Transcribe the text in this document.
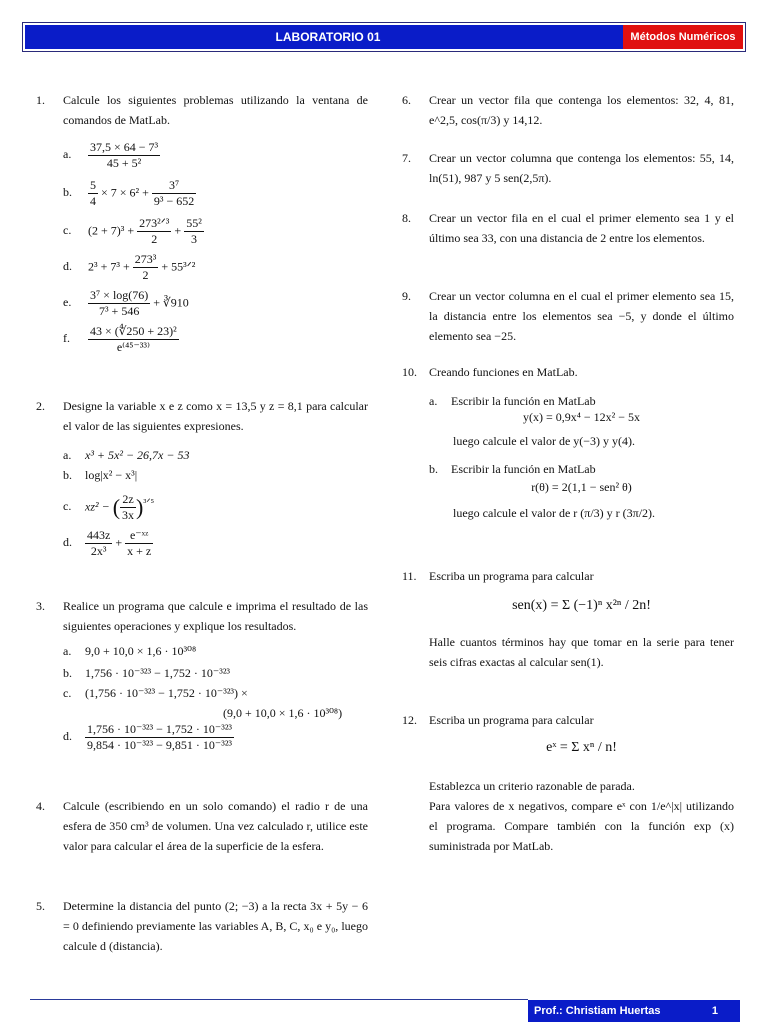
LABORATORIO 01	Métodos Numéricos
1.	Calcule los siguientes problemas utilizando la ventana de comandos de MatLab.
a. $\frac{\text{37,5 × 64 − 7³}}{\text{45 + 5²}}$
b. $\frac{5}{4} \times 7 \times 6^2 + \frac{\text{3⁷}}{\text{9³ − 652}}$
c. $(2 + 7)^3 + \frac{\text{273²ᐟ³}}{2} + \frac{\text{55²}}{3}$
d. $2^3 + 7^3 + \frac{\text{273³}}{2}$ + 55³ᐟ²
e. $\frac{\text{3⁷ × log(76)}}{\text{7³ + 546}}$ + ∛910
f. $\frac{\text{43 × (∜250 + 23)²}}{\text{e⁽⁴⁵⁻³³⁾}}$
2.	Designe la variable x e z como x = 13,5 y z = 8,1 para calcular el valor de las siguientes expresiones.
a. x³ + 5x² − 26,7x − 53
b. log|x² − x³|
c. xz² − ( $\frac{2z}{3x} )^{^3ᐟ^5}$
d. $\frac{443z}{\text{2x³}} + \frac{\text{e⁻ˣᶻ}}{x + z}$
3.	Realice un programa que calcule e imprima el resultado de las siguientes operaciones y explique los resultados.
a. 9,0 + 10,0 × 1,6 · 10³⁰⁸
b. 1,756 · 10⁻³²³ − 1,752 · 10⁻³²³
c. (1,756 · 10⁻³²³ − 1,752 · 10⁻³²³) ×
(9,0 + 10,0 × 1,6 · 10³⁰⁸)
d. $\frac{\text{1,756 · 10⁻³²³ − 1,752 · 10⁻³²³}}{\text{9,854 · 10⁻³²³ − 9,851 · 10⁻³²³}}$
4.	Calcule (escribiendo en un solo comando) el radio r de una esfera de 350 cm³ de volumen. Una vez calculado r, utilice este valor para calcular el área de la superficie de la esfera.
5.	Determine la distancia del punto (2; −3) a la recta 3x + 5y − 6 = 0 definiendo previamente las variables A, B, C, x₀ e y₀, luego calcule d (distancia).
6.	Crear un vector fila que contenga los elementos: 32, 4, 81, e^2,5, cos(π/3) y 14,12.
7.	Crear un vector columna que contenga los elementos: 55, 14, ln(51), 987 y 5 sen(2,5π).
8.	Crear un vector fila en el cual el primer elemento sea 1 y el último sea 33, con una distancia de 2 entre los elementos.
9.	Crear un vector columna en el cual el primer elemento sea 15, la distancia entre los elementos sea −5, y donde el último elemento sea −25.
10.	Creando funciones en MatLab.
a. Escribir la función en MatLab
y(x) = 0,9x⁴ − 12x² − 5x
luego calcule el valor de y(−3) y y(4).
b. Escribir la función en MatLab
r(θ) = 2(1,1 − sen² θ)
luego calcule el valor de r (π/3) y r (3π/2).
11.	Escriba un programa para calcular
sen(x) = Σ (−1)ⁿ x²ⁿ / 2n!
Halle cuantos términos hay que tomar en la serie para tener seis cifras exactas al calcular sen(1).
12.	Escriba un programa para calcular
eˣ = Σ xⁿ / n!
Establezca un criterio razonable de parada.
Para valores de x negativos, compare eˣ con 1/e^|x| utilizando el programa. Compare también con la función exp (x) suministrada por MatLab.
Prof.: Christiam Huertas	1
